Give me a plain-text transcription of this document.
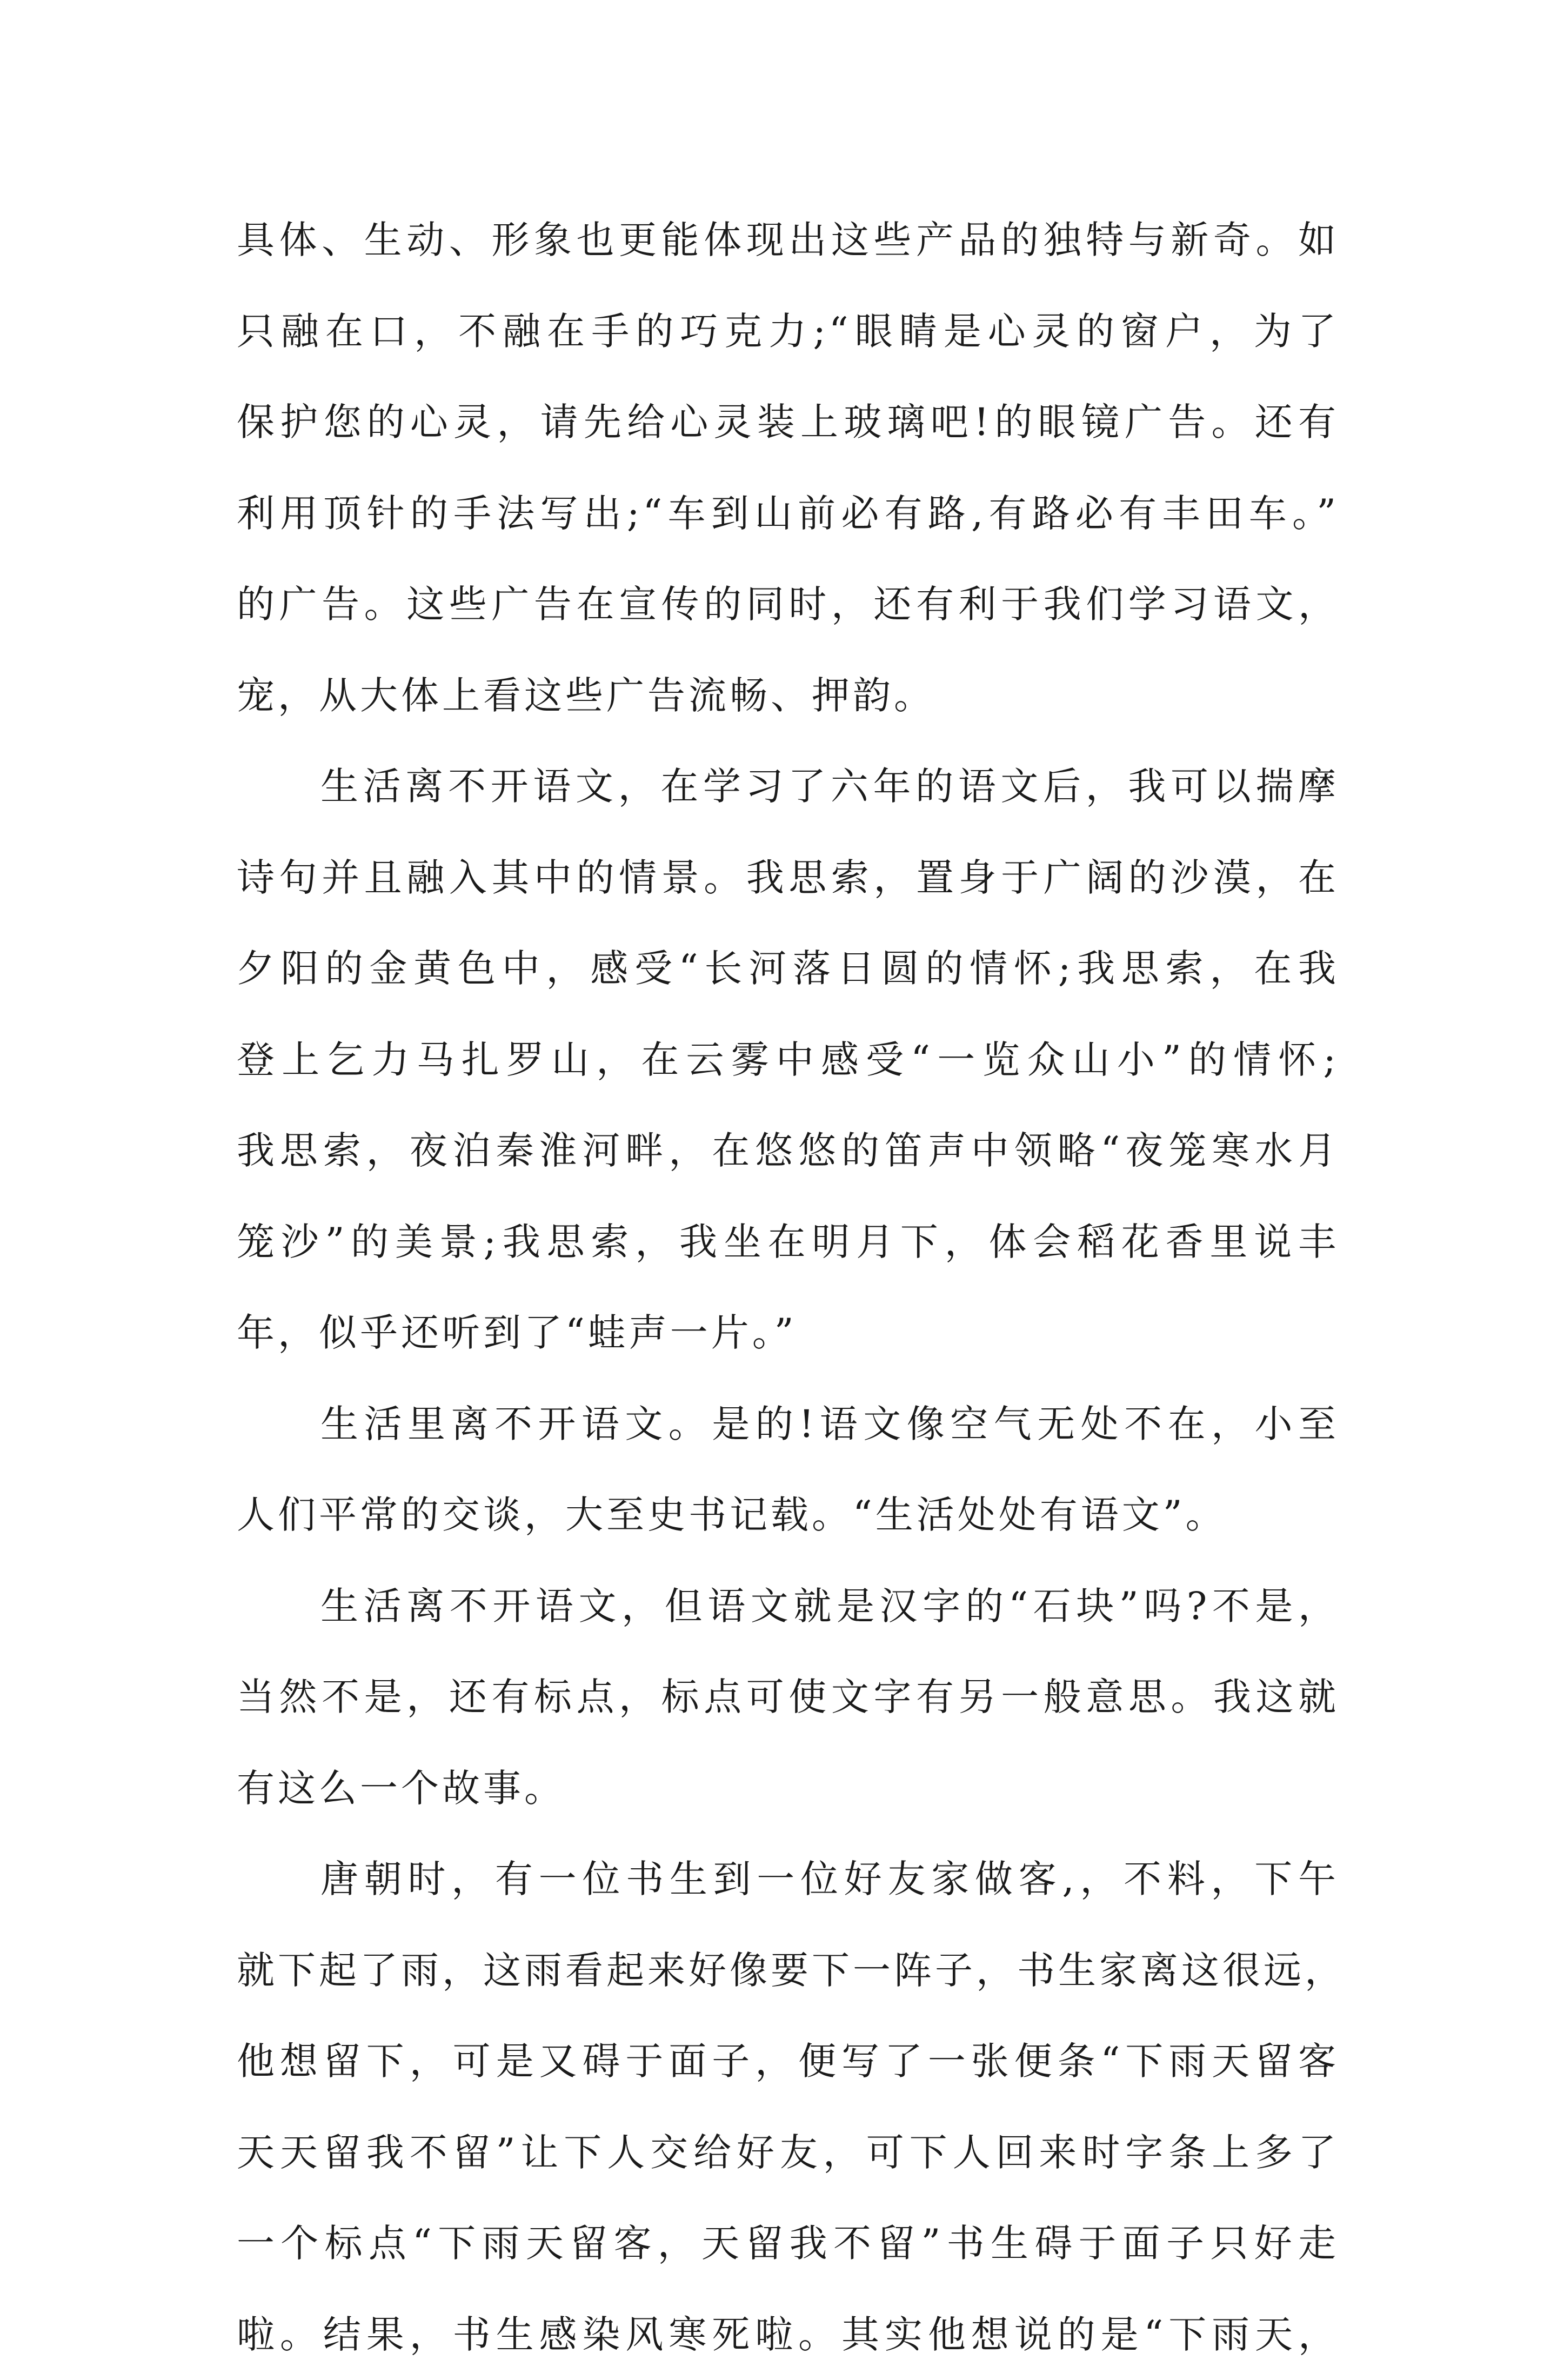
具体、生动、形象也更能体现出这些产品的独特与新奇。如
只融在口，不融在手的巧克力;“眼睛是心灵的窗户，为了
保护您的心灵，请先给心灵装上玻璃吧!的眼镜广告。还有
利用顶针的手法写出;“车到山前必有路,有路必有丰田车。”
的广告。这些广告在宣传的同时，还有利于我们学习语文，
宠，从大体上看这些广告流畅、押韵。
生活离不开语文，在学习了六年的语文后，我可以揣摩
诗句并且融入其中的情景。我思索，置身于广阔的沙漠，在
夕阳的金黄色中，感受“长河落日圆的情怀;我思索，在我
登上乞力马扎罗山，在云雾中感受“一览众山小”的情怀;
我思索，夜泊秦淮河畔，在悠悠的笛声中领略“夜笼寒水月
笼沙”的美景;我思索，我坐在明月下，体会稻花香里说丰
年，似乎还听到了“蛙声一片。”
生活里离不开语文。是的!语文像空气无处不在，小至
人们平常的交谈，大至史书记载。“生活处处有语文”。
生活离不开语文，但语文就是汉字的“石块”吗?不是，
当然不是，还有标点，标点可使文字有另一般意思。我这就
有这么一个故事。
唐朝时，有一位书生到一位好友家做客,，不料，下午
就下起了雨，这雨看起来好像要下一阵子，书生家离这很远，
他想留下，可是又碍于面子，便写了一张便条“下雨天留客
天天留我不留”让下人交给好友，可下人回来时字条上多了
一个标点“下雨天留客，天留我不留”书生碍于面子只好走
啦。结果，书生感染风寒死啦。其实他想说的是“下雨天，
